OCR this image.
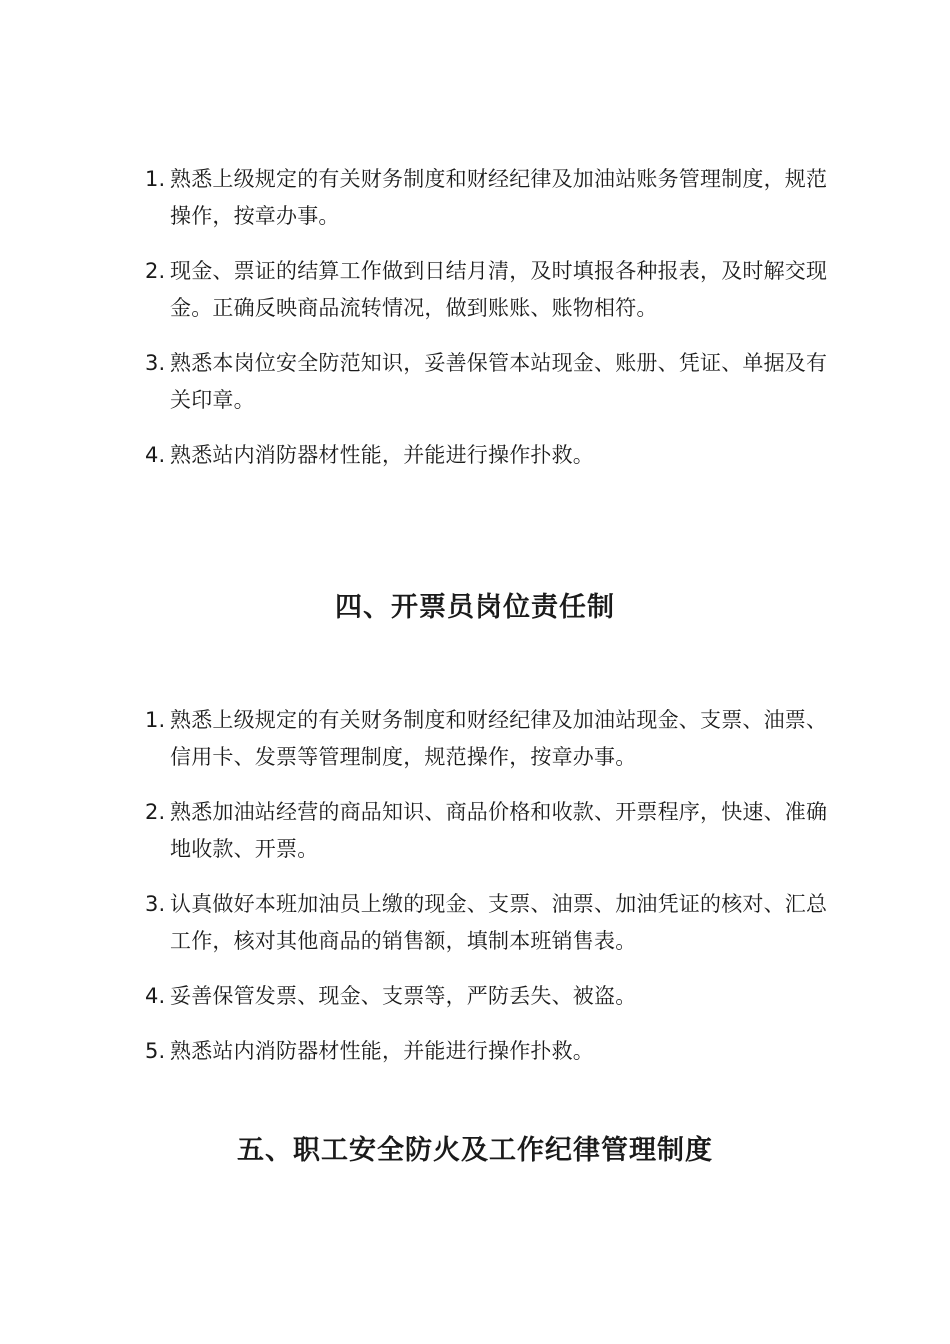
1. 熟悉上级规定的有关财务制度和财经纪律及加油站账务管理制度，规范操作，按章办事。
2. 现金、票证的结算工作做到日结月清，及时填报各种报表，及时解交现金。正确反映商品流转情况，做到账账、账物相符。
3. 熟悉本岗位安全防范知识，妥善保管本站现金、账册、凭证、单据及有关印章。
4. 熟悉站内消防器材性能，并能进行操作扑救。
四、开票员岗位责任制
1. 熟悉上级规定的有关财务制度和财经纪律及加油站现金、支票、油票、信用卡、发票等管理制度，规范操作，按章办事。
2. 熟悉加油站经营的商品知识、商品价格和收款、开票程序，快速、准确地收款、开票。
3. 认真做好本班加油员上缴的现金、支票、油票、加油凭证的核对、汇总工作，核对其他商品的销售额，填制本班销售表。
4. 妥善保管发票、现金、支票等，严防丢失、被盗。
5. 熟悉站内消防器材性能，并能进行操作扑救。
五、职工安全防火及工作纪律管理制度
